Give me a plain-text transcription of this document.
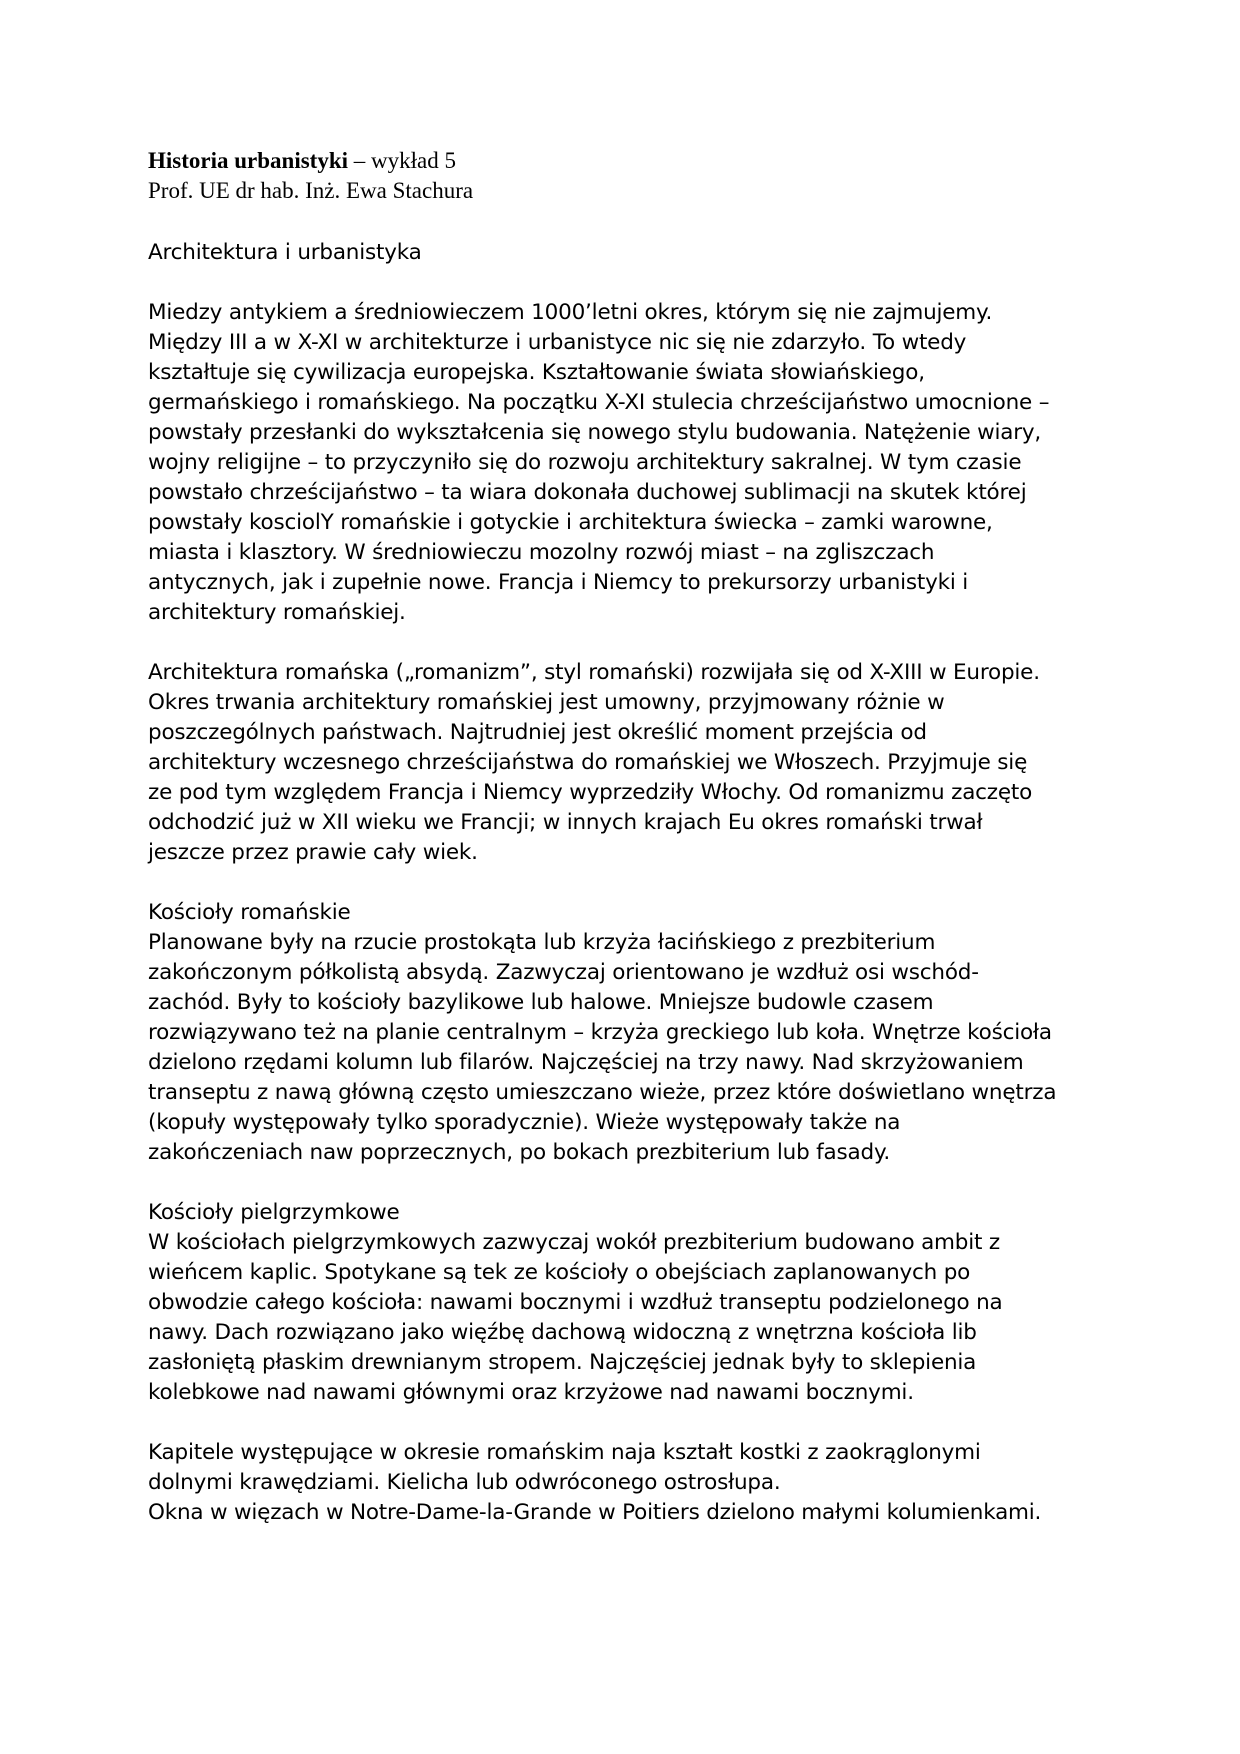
Historia urbanistyki – wykład 5
Prof. UE dr hab. Inż. Ewa Stachura
Architektura i urbanistyka
Miedzy antykiem a średniowieczem 1000’letni okres, którym się nie zajmujemy.
Między III a w X-XI w architekturze i urbanistyce nic się nie zdarzyło. To wtedy
kształtuje się cywilizacja europejska. Kształtowanie świata słowiańskiego,
germańskiego i romańskiego. Na początku X-XI stulecia chrześcijaństwo umocnione –
powstały przesłanki do wykształcenia się nowego stylu budowania. Natężenie wiary,
wojny religijne – to przyczyniło się do rozwoju architektury sakralnej. W tym czasie
powstało chrześcijaństwo – ta wiara dokonała duchowej sublimacji na skutek której
powstały kosciolY romańskie i gotyckie i architektura świecka – zamki warowne,
miasta i klasztory. W średniowieczu mozolny rozwój miast – na zgliszczach
antycznych, jak i zupełnie nowe. Francja i Niemcy to prekursorzy urbanistyki i
architektury romańskiej.
Architektura romańska („romanizm”, styl romański) rozwijała się od X-XIII w Europie.
Okres trwania architektury romańskiej jest umowny, przyjmowany różnie w
poszczególnych państwach. Najtrudniej jest określić moment przejścia od
architektury wczesnego chrześcijaństwa do romańskiej we Włoszech. Przyjmuje się
ze pod tym względem Francja i Niemcy wyprzedziły Włochy. Od romanizmu zaczęto
odchodzić już w XII wieku we Francji; w innych krajach Eu okres romański trwał
jeszcze przez prawie cały wiek.
Kościoły romańskie
Planowane były na rzucie prostokąta lub krzyża łacińskiego z prezbiterium
zakończonym półkolistą absydą. Zazwyczaj orientowano je wzdłuż osi wschód-
zachód. Były to kościoły bazylikowe lub halowe. Mniejsze budowle czasem
rozwiązywano też na planie centralnym – krzyża greckiego lub koła. Wnętrze kościoła
dzielono rzędami kolumn lub filarów. Najczęściej na trzy nawy. Nad skrzyżowaniem
transeptu z nawą główną często umieszczano wieże, przez które doświetlano wnętrza
(kopuły występowały tylko sporadycznie). Wieże występowały także na
zakończeniach naw poprzecznych, po bokach prezbiterium lub fasady.
Kościoły pielgrzymkowe
W kościołach pielgrzymkowych zazwyczaj wokół prezbiterium budowano ambit z
wieńcem kaplic. Spotykane są tek ze kościoły o obejściach zaplanowanych po
obwodzie całego kościoła: nawami bocznymi i wzdłuż transeptu podzielonego na
nawy. Dach rozwiązano jako więźbę dachową widoczną z wnętrzna kościoła lib
zasłoniętą płaskim drewnianym stropem. Najczęściej jednak były to sklepienia
kolebkowe nad nawami głównymi oraz krzyżowe nad nawami bocznymi.
Kapitele występujące w okresie romańskim naja kształt kostki z zaokrąglonymi
dolnymi krawędziami. Kielicha lub odwróconego ostrosłupa.
Okna w więzach w Notre-Dame-la-Grande w Poitiers dzielono małymi kolumienkami.
